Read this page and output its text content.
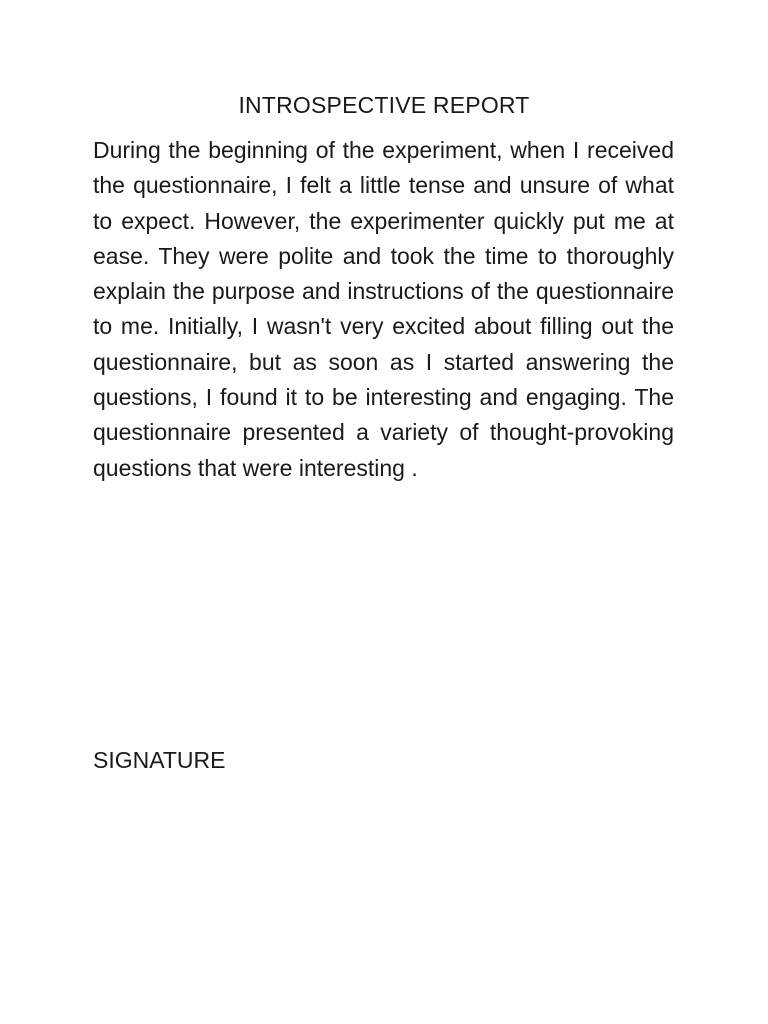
INTROSPECTIVE REPORT

During the beginning of the experiment, when I received the questionnaire, I felt a little tense and unsure of what to expect. However, the experimenter quickly put me at ease. They were polite and took the time to thoroughly explain the purpose and instructions of the questionnaire to me. Initially, I wasn't very excited about filling out the questionnaire, but as soon as I started answering the questions, I found it to be interesting and engaging. The questionnaire presented a variety of thought-provoking questions that were interesting .

SIGNATURE
